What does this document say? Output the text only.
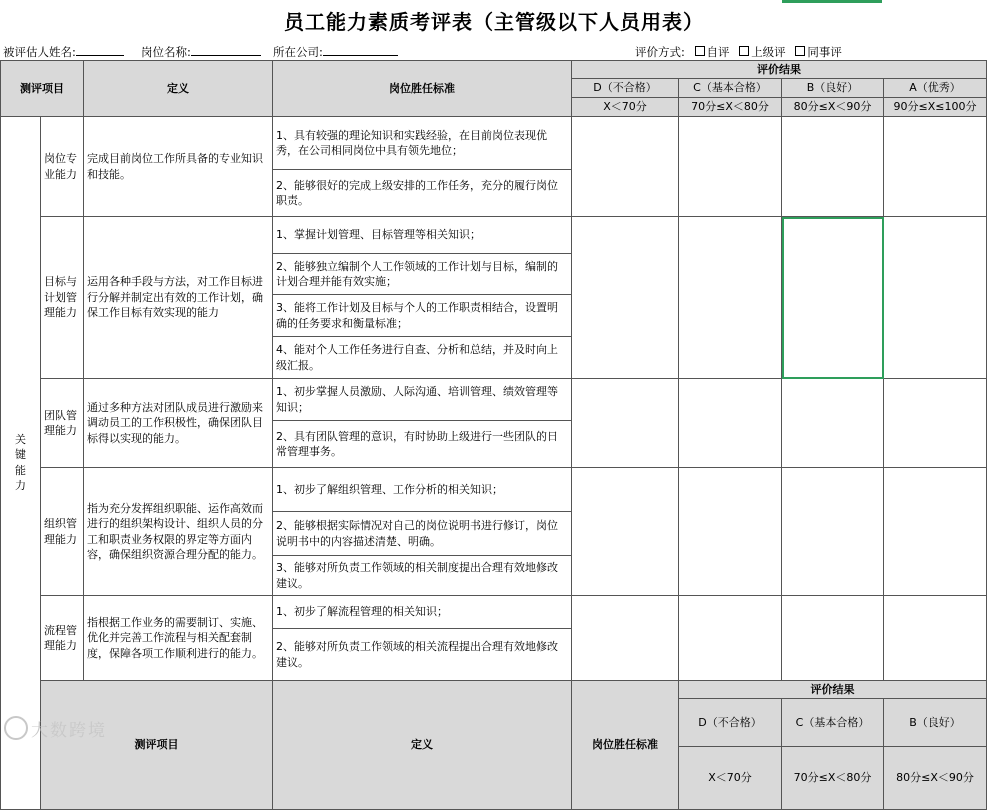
员工能力素质考评表（主管级以下人员用表）
被评估人姓名:	岗位名称:	所在公司:	评价方式: 自评 上级评 同事评
测评项目		定义	岗位胜任标准	评价结果				
				D（不合格）	C（基本合格）	B（良好）	A（优秀）	
				X＜70分	70分≤X＜80分	80分≤X＜90分	90分≤X≤100分	
关键能力	岗位专业能力	完成目前岗位工作所具备的专业知识和技能。	1、具有较强的理论知识和实践经验，在目前岗位表现优秀，在公司相同岗位中具有领先地位；					
			2、能够很好的完成上级安排的工作任务，充分的履行岗位职责。					
	目标与计划管理能力	运用各种手段与方法，对工作目标进行分解并制定出有效的工作计划，确保工作目标有效实现的能力	1、掌握计划管理、目标管理等相关知识；					
			2、能够独立编制个人工作领域的工作计划与目标，编制的计划合理并能有效实施；					
			3、能将工作计划及目标与个人的工作职责相结合，设置明确的任务要求和衡量标准；					
			4、能对个人工作任务进行自查、分析和总结，并及时向上级汇报。					
	团队管理能力	通过多种方法对团队成员进行激励来调动员工的工作积极性，确保团队目标得以实现的能力。	1、初步掌握人员激励、人际沟通、培训管理、绩效管理等知识；					
			2、具有团队管理的意识，有时协助上级进行一些团队的日常管理事务。					
	组织管理能力	指为充分发挥组织职能、运作高效而进行的组织架构设计、组织人员的分工和职责业务权限的界定等方面内容，确保组织资源合理分配的能力。	1、初步了解组织管理、工作分析的相关知识；					
			2、能够根据实际情况对自己的岗位说明书进行修订，岗位说明书中的内容描述清楚、明确。					
			3、能够对所负责工作领域的相关制度提出合理有效地修改建议。					
	流程管理能力	指根据工作业务的需要制订、实施、优化并完善工作流程与相关配套制度，保障各项工作顺利进行的能力。	1、初步了解流程管理的相关知识；					
			2、能够对所负责工作领域的相关流程提出合理有效地修改建议。					
	测评项目		定义	岗位胜任标准	评价结果			
					D（不合格）	C（基本合格）	B（良好）	
					X＜70分	70分≤X＜80分	80分≤X＜90分	
大数跨境
